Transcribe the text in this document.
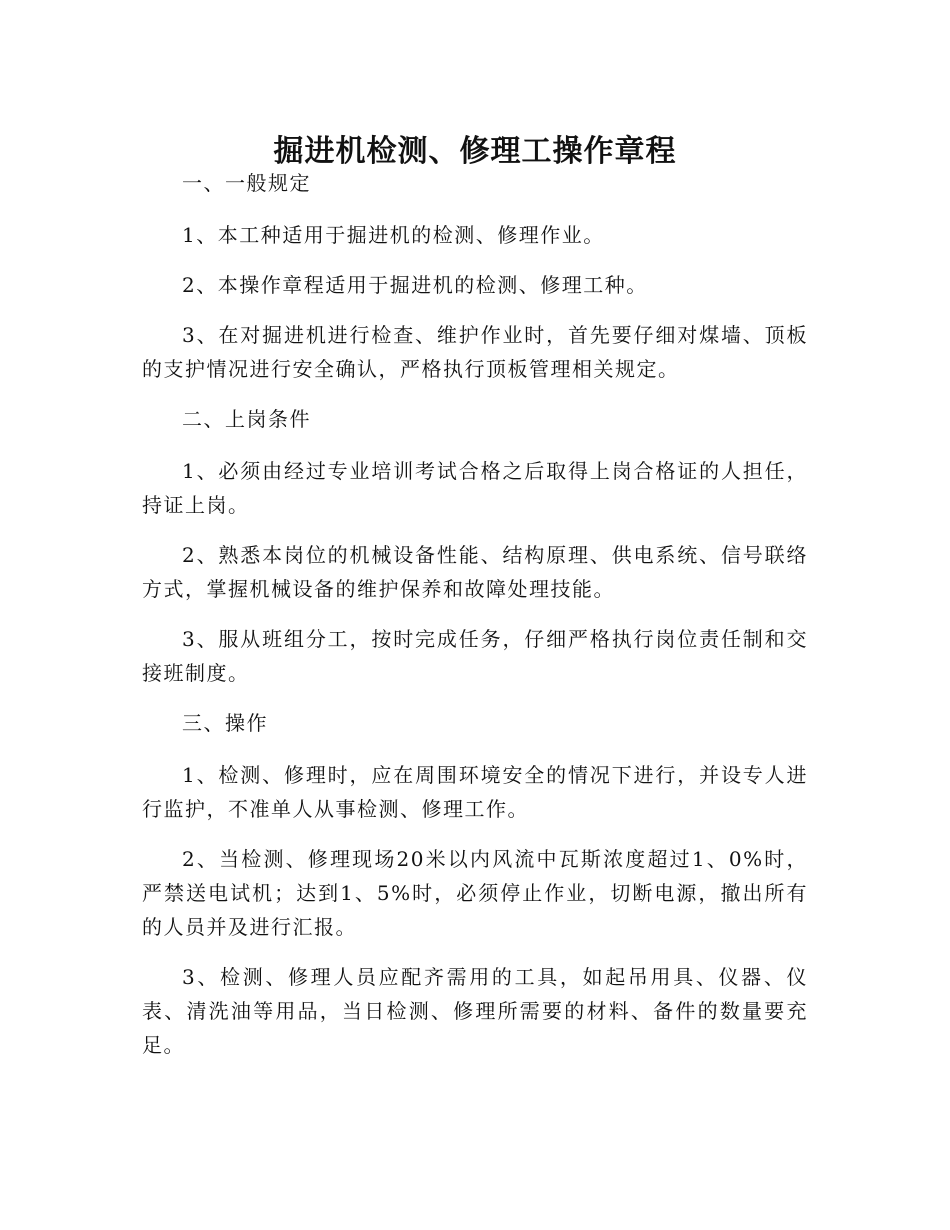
掘进机检测、修理工操作章程

一、一般规定

1、本工种适用于掘进机的检测、修理作业。

2、本操作章程适用于掘进机的检测、修理工种。

3、在对掘进机进行检查、维护作业时，首先要仔细对煤墙、顶板的支护情况进行安全确认，严格执行顶板管理相关规定。

二、上岗条件

1、必须由经过专业培训考试合格之后取得上岗合格证的人担任，持证上岗。

2、熟悉本岗位的机械设备性能、结构原理、供电系统、信号联络方式，掌握机械设备的维护保养和故障处理技能。

3、服从班组分工，按时完成任务，仔细严格执行岗位责任制和交接班制度。

三、操作

1、检测、修理时，应在周围环境安全的情况下进行，并设专人进行监护，不准单人从事检测、修理工作。

2、当检测、修理现场20米以内风流中瓦斯浓度超过1、0%时，严禁送电试机；达到1、5%时，必须停止作业，切断电源，撤出所有的人员并及进行汇报。

3、检测、修理人员应配齐需用的工具，如起吊用具、仪器、仪表、清洗油等用品，当日检测、修理所需要的材料、备件的数量要充足。
